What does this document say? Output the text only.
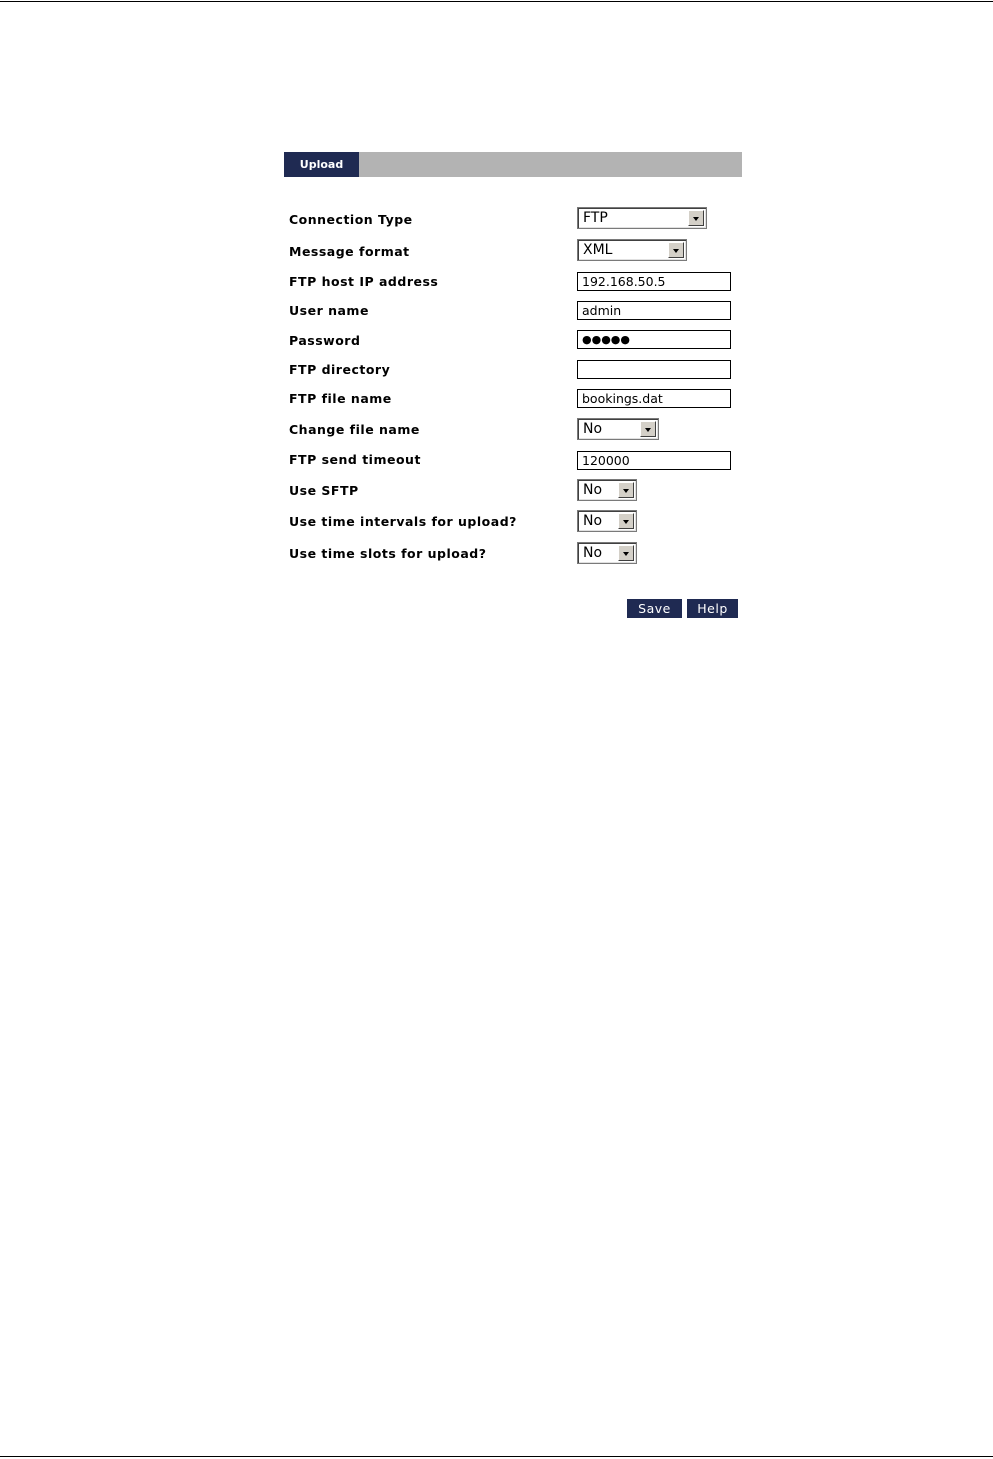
Upload
Connection Type	FTP
Message format	XML
FTP host IP address	192.168.50.5
User name	admin
Password	●●●●●
FTP directory
FTP file name	bookings.dat
Change file name	No
FTP send timeout	120000
Use SFTP	No
Use time intervals for upload?	No
Use time slots for upload?	No
Save	Help
